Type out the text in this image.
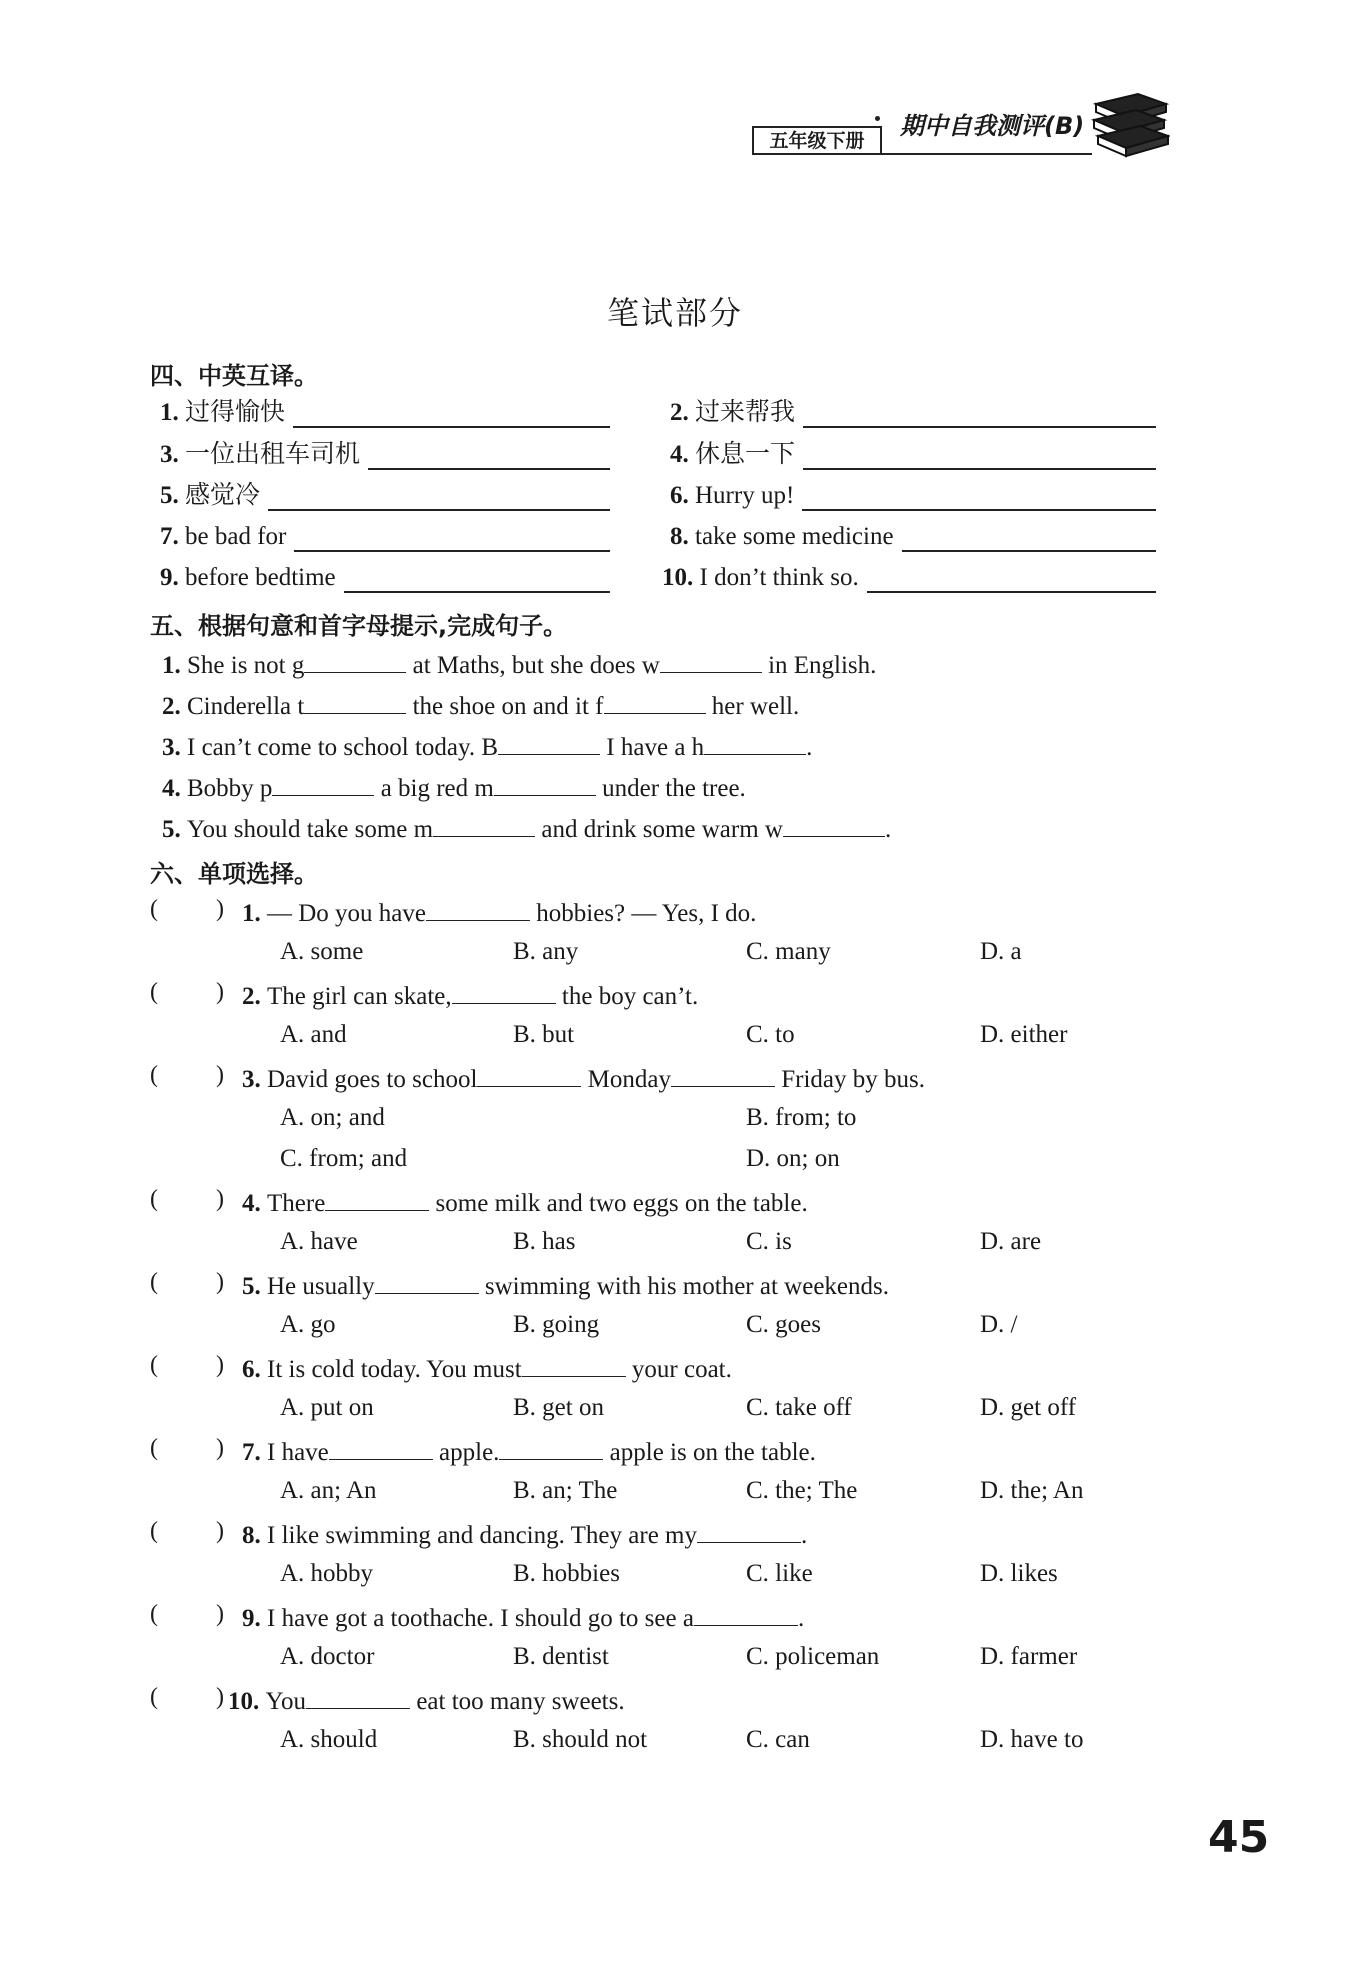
五年级下册
期中自我测评(B)
笔试部分
四、中英互译。
1. 过得愉快	2. 过来帮我
3. 一位出租车司机	4. 休息一下
5. 感觉冷	6. Hurry up!
7. be bad for	8. take some medicine
9. before bedtime	10. I don’t think so.
五、根据句意和首字母提示,完成句子。
1. She is not g	at Maths, but she does w	in English.
2. Cinderella t	the shoe on and it f	her well.
3. I can’t come to school today. B	I have a h	.
4. Bobby p	a big red m	under the tree.
5. You should take some m	and drink some warm w	.
六、单项选择。
( ) 1. — Do you have	hobbies? — Yes, I do.
A. some	B. any	C. many	D. a
( ) 2. The girl can skate,	the boy can’t.
A. and	B. but	C. to	D. either
( ) 3. David goes to school	Monday	Friday by bus.
A. on; and	B. from; to
C. from; and	D. on; on
( ) 4. There	some milk and two eggs on the table.
A. have	B. has	C. is	D. are
( ) 5. He usually	swimming with his mother at weekends.
A. go	B. going	C. goes	D. /
( ) 6. It is cold today. You must	your coat.
A. put on	B. get on	C. take off	D. get off
( ) 7. I have	apple.	apple is on the table.
A. an; An	B. an; The	C. the; The	D. the; An
( ) 8. I like swimming and dancing. They are my	.
A. hobby	B. hobbies	C. like	D. likes
( ) 9. I have got a toothache. I should go to see a	.
A. doctor	B. dentist	C. policeman	D. farmer
( ) 10. You	eat too many sweets.
A. should	B. should not	C. can	D. have to
45
